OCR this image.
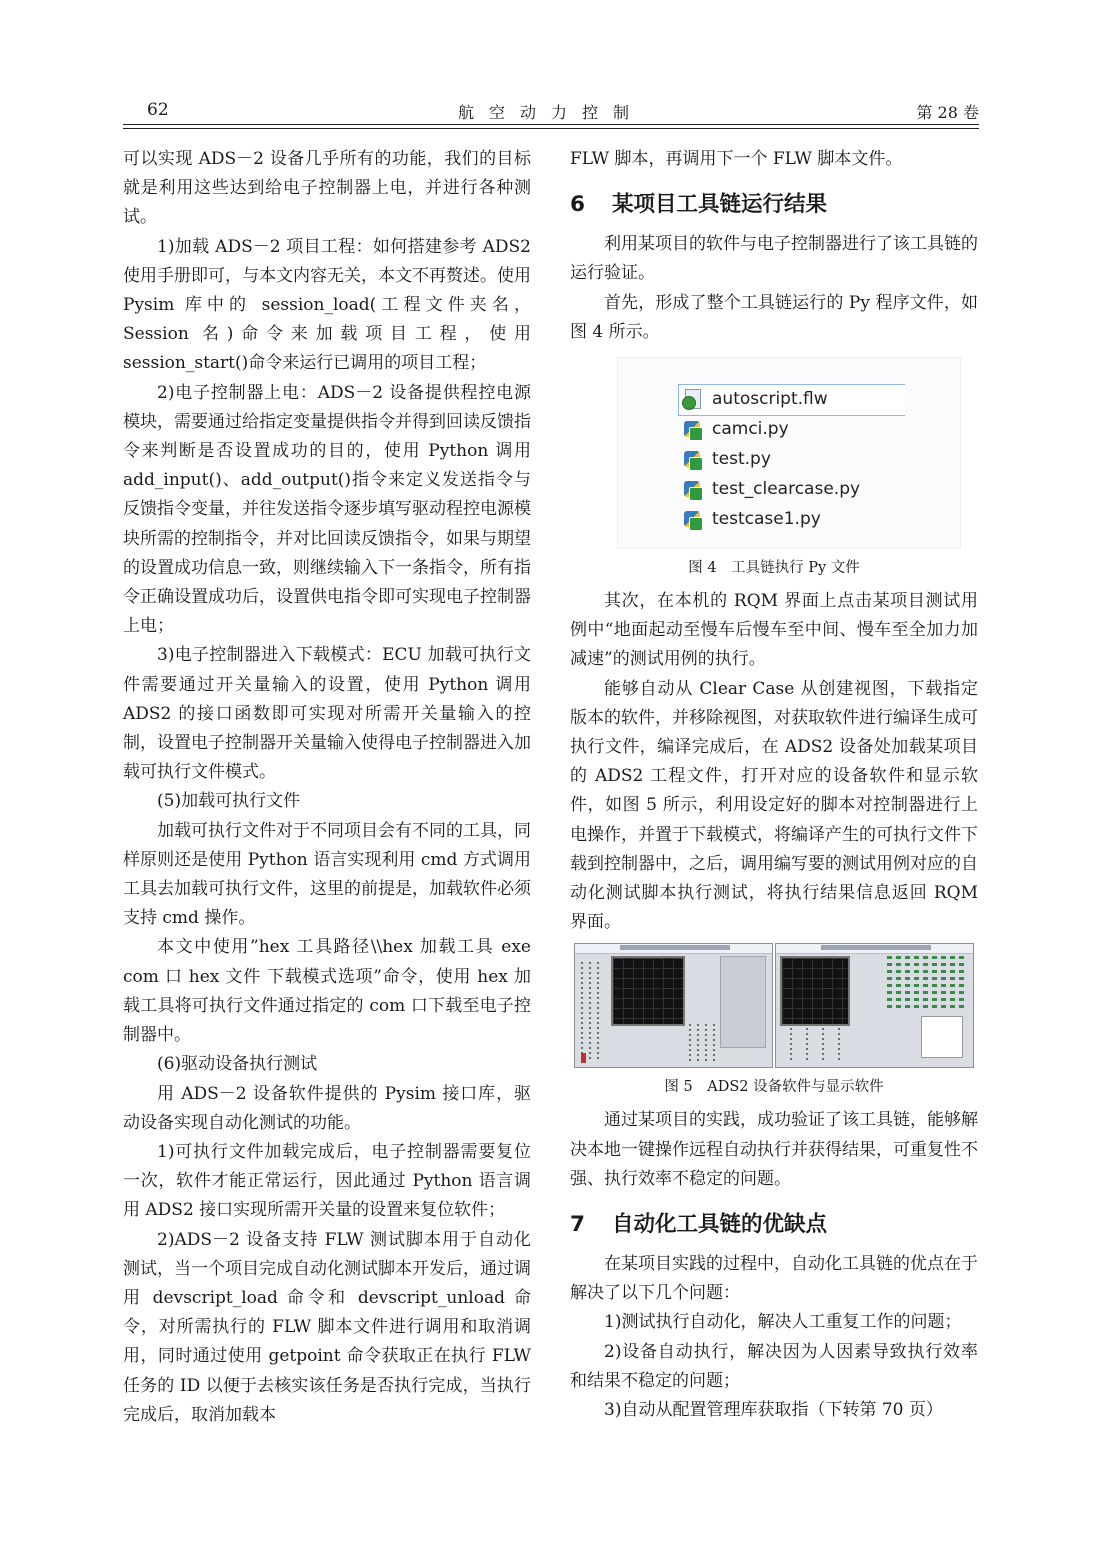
62	航空动力控制	第 28 卷

可以实现 ADS－2 设备几乎所有的功能，我们的目标就是利用这些达到给电子控制器上电，并进行各种测试。

1)加载 ADS－2 项目工程：如何搭建参考 ADS2 使用手册即可，与本文内容无关，本文不再赘述。使用 Pysim 库中的 session_load(工程文件夹名，Session 名)命令来加载项目工程，使用 session_start()命令来运行已调用的项目工程；

2)电子控制器上电：ADS－2 设备提供程控电源模块，需要通过给指定变量提供指令并得到回读反馈指令来判断是否设置成功的目的，使用 Python 调用 add_input()、add_output()指令来定义发送指令与反馈指令变量，并往发送指令逐步填写驱动程控电源模块所需的控制指令，并对比回读反馈指令，如果与期望的设置成功信息一致，则继续输入下一条指令，所有指令正确设置成功后，设置供电指令即可实现电子控制器上电；

3)电子控制器进入下载模式：ECU 加载可执行文件需要通过开关量输入的设置，使用 Python 调用 ADS2 的接口函数即可实现对所需开关量输入的控制，设置电子控制器开关量输入使得电子控制器进入加载可执行文件模式。

(5)加载可执行文件

加载可执行文件对于不同项目会有不同的工具，同样原则还是使用 Python 语言实现利用 cmd 方式调用工具去加载可执行文件，这里的前提是，加载软件必须支持 cmd 操作。

本文中使用”hex 工具路径\\hex 加载工具 exe com 口 hex 文件 下载模式选项”命令，使用 hex 加载工具将可执行文件通过指定的 com 口下载至电子控制器中。

(6)驱动设备执行测试

用 ADS－2 设备软件提供的 Pysim 接口库，驱动设备实现自动化测试的功能。

1)可执行文件加载完成后，电子控制器需要复位一次，软件才能正常运行，因此通过 Python 语言调用 ADS2 接口实现所需开关量的设置来复位软件；

2)ADS－2 设备支持 FLW 测试脚本用于自动化测试，当一个项目完成自动化测试脚本开发后，通过调用 devscript_load 命令和 devscript_unload 命令，对所需执行的 FLW 脚本文件进行调用和取消调用，同时通过使用 getpoint 命令获取正在执行 FLW 任务的 ID 以便于去核实该任务是否执行完成，当执行完成后，取消加载本

FLW 脚本，再调用下一个 FLW 脚本文件。

6 某项目工具链运行结果

利用某项目的软件与电子控制器进行了该工具链的运行验证。

首先，形成了整个工具链运行的 Py 程序文件，如图 4 所示。

autoscript.flw
camci.py
test.py
test_clearcase.py
testcase1.py

图 4　工具链执行 Py 文件

其次，在本机的 RQM 界面上点击某项目测试用例中“地面起动至慢车后慢车至中间、慢车至全加力加减速”的测试用例的执行。

能够自动从 Clear Case 从创建视图，下载指定版本的软件，并移除视图，对获取软件进行编译生成可执行文件，编译完成后，在 ADS2 设备处加载某项目的 ADS2 工程文件，打开对应的设备软件和显示软件，如图 5 所示，利用设定好的脚本对控制器进行上电操作，并置于下载模式，将编译产生的可执行文件下载到控制器中，之后，调用编写要的测试用例对应的自动化测试脚本执行测试，将执行结果信息返回 RQM 界面。

图 5　ADS2 设备软件与显示软件

通过某项目的实践，成功验证了该工具链，能够解决本地一键操作远程自动执行并获得结果，可重复性不强、执行效率不稳定的问题。

7 自动化工具链的优缺点

在某项目实践的过程中，自动化工具链的优点在于解决了以下几个问题：

1)测试执行自动化，解决人工重复工作的问题；

2)设备自动执行，解决因为人因素导致执行效率和结果不稳定的问题；

3)自动从配置管理库获取指（下转第 70 页）
